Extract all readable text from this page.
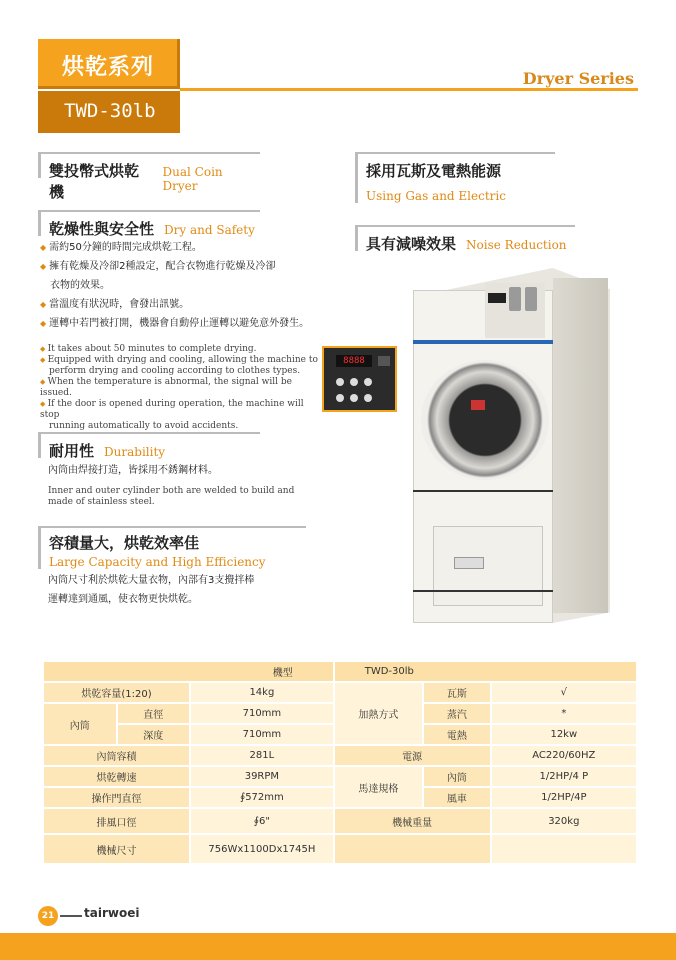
烘乾系列
TWD-30lb
Dryer Series
雙投幣式烘乾機
Dual Coin Dryer
採用瓦斯及電熱能源
Using Gas and Electric
具有減噪效果 Noise Reduction
乾燥性與安全性 Dry and Safety
◆ 需約50分鐘的時間完成烘乾工程。
◆ 擁有乾燥及冷卻2種設定，配合衣物進行乾燥及冷卻
衣物的效果。
◆ 當溫度有狀況時，會發出訊號。
◆ 運轉中若門被打開，機器會自動停止運轉以避免意外發生。
◆ It takes about 50 minutes to complete drying.
◆ Equipped with drying and cooling, allowing the machine to
perform drying and cooling according to clothes types.
◆ When the temperature is abnormal, the signal will be issued.
◆ If the door is opened during operation, the machine will stop
running automatically to avoid accidents.
8888
耐用性 Durability
內筒由焊接打造，皆採用不銹鋼材料。
Inner and outer cylinder both are welded to build and
made of stainless steel.
容積量大，烘乾效率佳
Large Capacity and High Efficiency
內筒尺寸利於烘乾大量衣物，內部有3支攪拌棒
運轉達到通風，使衣物更快烘乾。
機型			TWD-30lb		
烘乾容量(1:20)		14kg	加熱方式	瓦斯	√
內筒	直徑	710mm		蒸汽	*
	深度	710mm		電熱	12kw
內筒容積		281L	電源		AC220/60HZ
烘乾轉速		39RPM	馬達規格	內筒	1/2HP/4 P
操作門直徑		∮572mm		風車	1/2HP/4P
排風口徑		∮6"	機械重量		320kg
機械尺寸		756Wx1100Dx1745H			
21	tairwoei
